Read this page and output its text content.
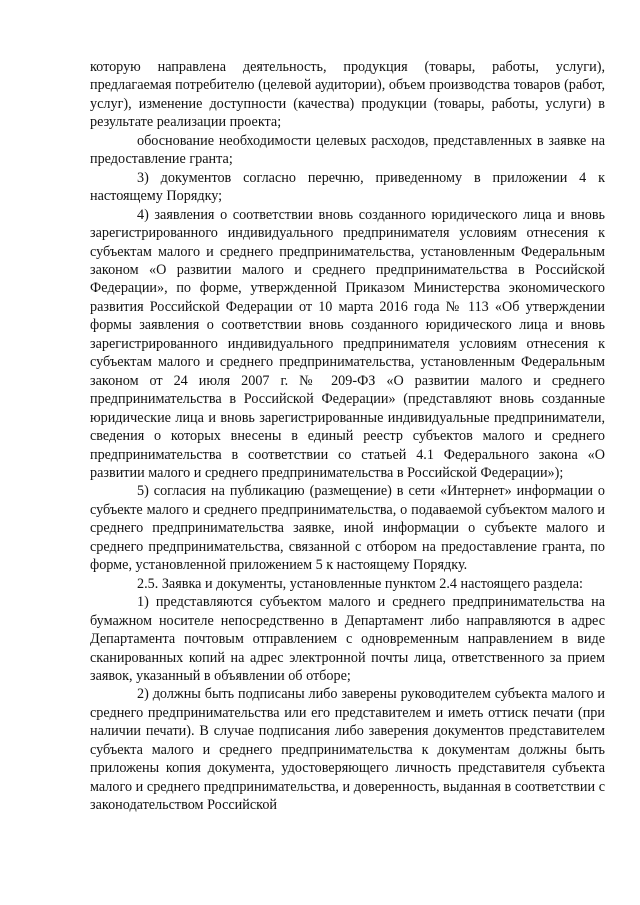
которую направлена деятельность, продукция (товары, работы, услуги), предлагаемая потребителю (целевой аудитории), объем производства товаров (работ, услуг), изменение доступности (качества) продукции (товары, работы, услуги) в результате реализации проекта;

обоснование необходимости целевых расходов, представленных в заявке на предоставление гранта;

3) документов согласно перечню, приведенному в приложении 4 к настоящему Порядку;

4) заявления о соответствии вновь созданного юридического лица и вновь зарегистрированного индивидуального предпринимателя условиям отнесения к субъектам малого и среднего предпринимательства, установленным Федеральным законом «О развитии малого и среднего предпринимательства в Российской Федерации», по форме, утвержденной Приказом Министерства экономического развития Российской Федерации от 10 марта 2016 года № 113 «Об утверждении формы заявления о соответствии вновь созданного юридического лица и вновь зарегистрированного индивидуального предпринимателя условиям отнесения к субъектам малого и среднего предпринимательства, установленным Федеральным законом от 24 июля 2007 г. № 209-ФЗ «О развитии малого и среднего предпринимательства в Российской Федерации» (представляют вновь созданные юридические лица и вновь зарегистрированные индивидуальные предприниматели, сведения о которых внесены в единый реестр субъектов малого и среднего предпринимательства в соответствии со статьей 4.1 Федерального закона «О развитии малого и среднего предпринимательства в Российской Федерации»);

5) согласия на публикацию (размещение) в сети «Интернет» информации о субъекте малого и среднего предпринимательства, о подаваемой субъектом малого и среднего предпринимательства заявке, иной информации о субъекте малого и среднего предпринимательства, связанной с отбором на предоставление гранта, по форме, установленной приложением 5 к настоящему Порядку.

2.5. Заявка и документы, установленные пунктом 2.4 настоящего раздела:

1) представляются субъектом малого и среднего предпринимательства на бумажном носителе непосредственно в Департамент либо направляются в адрес Департамента почтовым отправлением с одновременным направлением в виде сканированных копий на адрес электронной почты лица, ответственного за прием заявок, указанный в объявлении об отборе;

2) должны быть подписаны либо заверены руководителем субъекта малого и среднего предпринимательства или его представителем и иметь оттиск печати (при наличии печати). В случае подписания либо заверения документов представителем субъекта малого и среднего предпринимательства к документам должны быть приложены копия документа, удостоверяющего личность представителя субъекта малого и среднего предпринимательства, и доверенность, выданная в соответствии с законодательством Российской
